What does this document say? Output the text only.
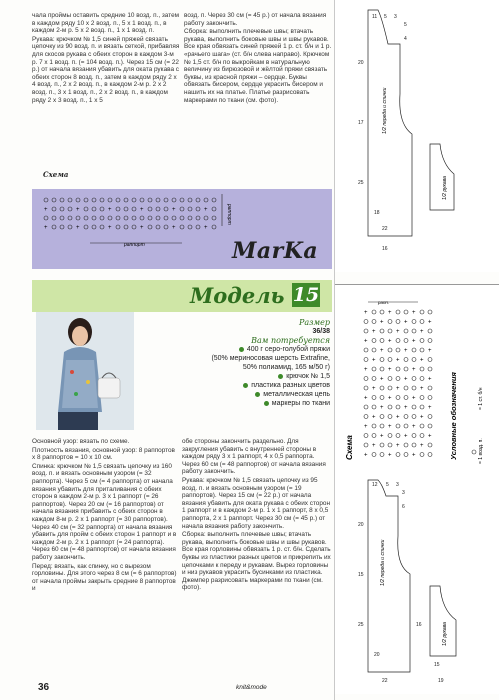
чала проймы оставить средние 10 возд. п., затем в каждом ряду 10 х 2 возд. п., 5 х 1 возд. п., в каждом 2-м р. 5 х 2 возд. п., 1 х 1 возд. п.

Рукава: крючком № 1,5 синей пряжей связать цепочку из 90 возд. п. и вязать сеткой, прибавляя для скосов рукава с обеих сторон в каждом 3-м р. 7 х 1 возд. п. (= 104 возд. п.). Через 15 см (= 22 р.) от начала вязания убавить для оката рукава с обеих сторон 8 возд. п., затем в каждом ряду 2 х 4 возд. п., 2 х 2 возд. п., в каждом 2-м р. 2 х 2 возд. п., 3 х 1 возд. п., 2 х 2 возд. п., в каждом ряду 2 х 3 возд. п., 1 х 5

возд. п. Через 30 см (= 45 р.) от начала вязания работу закончить.

Сборка: выполнить плечевые швы; втачать рукава, выполнить боковые швы и швы рукавов. Все края обвязать синей пряжей 1 р. ст. б/н и 1 р. «рачьего шага» (ст. б/н слева направо). Крючком № 1,5 ст. б/н по выкройкам в натуральную величину из бирюзовой и жёлтой пряжи связать буквы, из красной пряжи – сердце. Буквы обвязать бисером, сердце украсить бисером и нашить их на платье. Платье разрисовать маркерами по ткани (см. фото).

Схема
+	+	+	+	+	+
+	+	+	+	+	+
раппорт
раппорт
MarKa
Модель 15
Размер
36/38
Вам потребуется
400 г серо-голубой пряжи
(50% мериносовая шерсть Extrafine,
50% полиамид, 165 м/50 г)
крючок № 1,5
пластика разных цветов
металлическая цепь
маркеры по ткани

Основной узор: вязать по схеме.

Плотность вязания, основной узор: 8 раппортов х 8 раппортов = 10 х 10 см.

Спинка: крючком № 1,5 связать цепочку из 160 возд. п. и вязать основным узором (= 32 раппорта). Через 5 см (= 4 раппорта) от начала вязания убавить для приталивания с обеих сторон в каждом 2-м р. 3 х 1 раппорт (= 26 раппортов). Через 20 см (= 16 раппортов) от начала вязания прибавить с обеих сторон в каждом 8-м р. 2 х 1 раппорт (= 30 раппортов). Через 40 см (= 32 раппорта) от начала вязания убавить для пройм с обеих сторон 1 раппорт и в каждом 2-м р. 2 х 1 раппорт (= 24 раппорта). Через 60 см (= 48 раппортов) от начала вязания работу закончить.

Перед: вязать, как спинку, но с вырезом горловины. Для этого через 8 см (= 6 раппортов) от начала проймы закрыть средние 8 раппортов и

обе стороны закончить раздельно. Для закругления убавить с внутренней стороны в каждом ряду 3 х 1 раппорт, 4 х 0,5 раппорта. Через 60 см (= 48 раппортов) от начала вязания работу закончить.

Рукава: крючком № 1,5 связать цепочку из 95 возд. п. и вязать основным узором (= 19 раппортов). Через 15 см (= 22 р.) от начала вязания убавить для оката рукава с обеих сторон 1 раппорт и в каждом 2-м р. 1 х 1 раппорт, 8 х 0,5 раппорта, 2 х 1 раппорт. Через 30 см (= 45 р.) от начала вязания работу закончить.

Сборка: выполнить плечевые швы; втачать рукава, выполнить боковые швы и швы рукавов. Все края горловины обвязать 1 р. ст. б/н. Сделать буквы из пластики разных цветов и прикрепить их цепочками к переду и рукавам. Вырез горловины и низ рукавов украсить бусинками из пластика. Джемпер разрисовать маркерами по ткани (см. фото).

11 5 3
5
4
20
17
25
18
22
16
1/2 переда и спинки
1/2 рукава
рапп.
+	+	+
+	+	+
+	+	+
+	+	+
+	+	+
+	+	+
+	+	+
+	+	+
+	+	+
+	+	+
+	+	+
+	+	+
+	+	+
+	+	+
+	+	+
+	+	+
Схема	Условные обозначения	= 1 возд. п.
= 1 ст. б/н
12 5 3
3
6
20
15
25
20
16
15
22	19
1/2 переда и спинки
1/2 рукава
36	knit&mode
